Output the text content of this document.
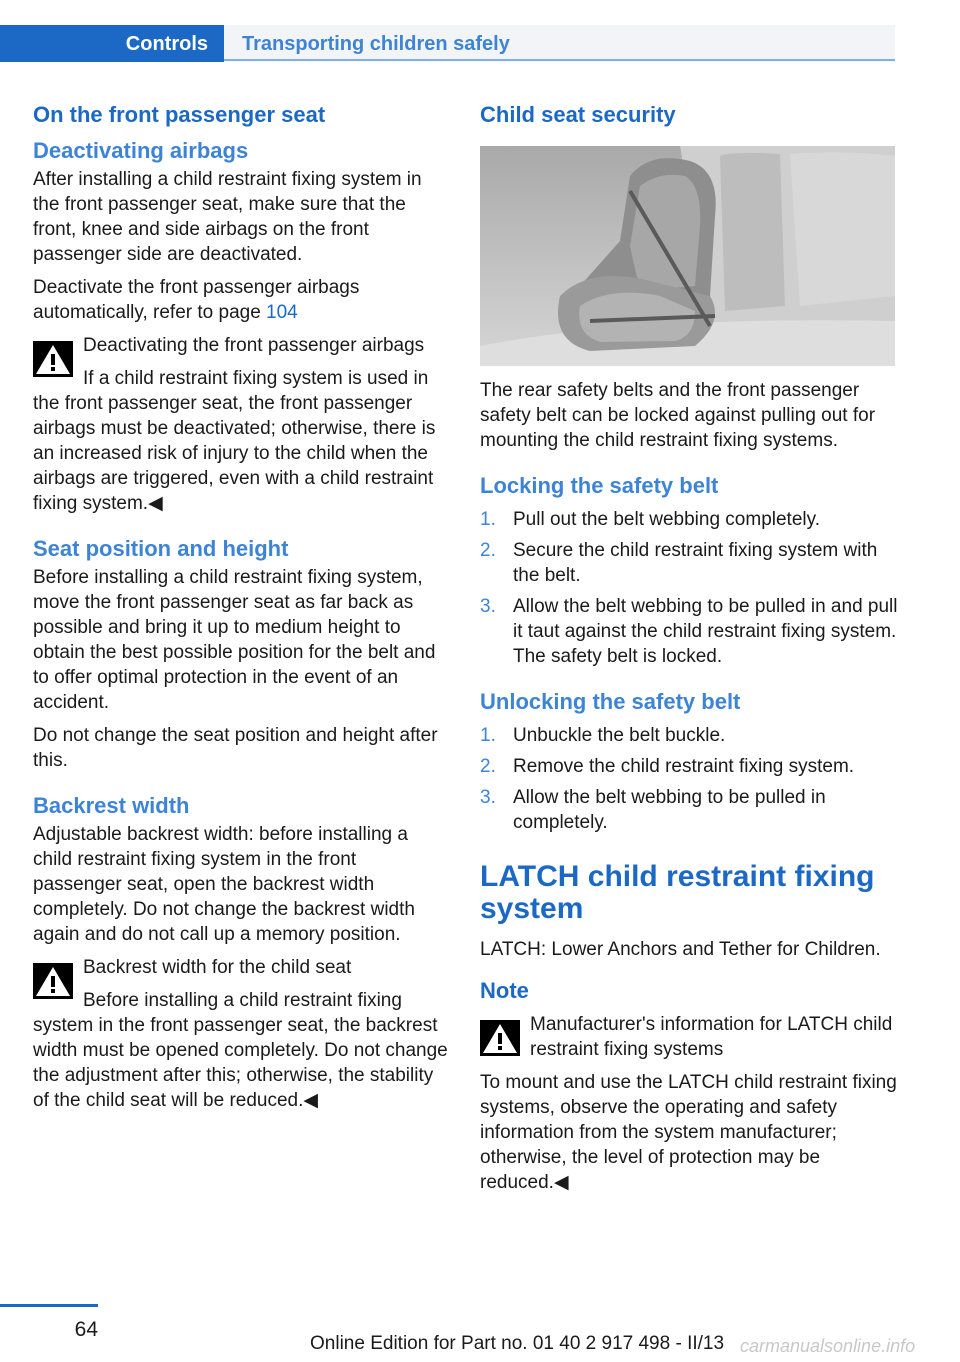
Controls	Transporting children safely
On the front passenger seat
Deactivating airbags
After installing a child restraint fixing system in the front passenger seat, make sure that the front, knee and side airbags on the front passenger side are deactivated.
Deactivate the front passenger airbags automatically, refer to page 104
Deactivating the front passenger airbags
If a child restraint fixing system is used in
the front passenger seat, the front passenger airbags must be deactivated; otherwise, there is an increased risk of injury to the child when the airbags are triggered, even with a child restraint fixing system.◀
Seat position and height
Before installing a child restraint fixing system, move the front passenger seat as far back as possible and bring it up to medium height to obtain the best possible position for the belt and to offer optimal protection in the event of an accident.
Do not change the seat position and height after this.
Backrest width
Adjustable backrest width: before installing a child restraint fixing system in the front passenger seat, open the backrest width completely. Do not change the backrest width again and do not call up a memory position.
Backrest width for the child seat
Before installing a child restraint fixing
system in the front passenger seat, the backrest width must be opened completely. Do not change the adjustment after this; otherwise, the stability of the child seat will be reduced.◀
Child seat security
The rear safety belts and the front passenger safety belt can be locked against pulling out for mounting the child restraint fixing systems.
Locking the safety belt
1. Pull out the belt webbing completely.
2. Secure the child restraint fixing system with the belt.
3. Allow the belt webbing to be pulled in and pull it taut against the child restraint fixing system. The safety belt is locked.
Unlocking the safety belt
1. Unbuckle the belt buckle.
2. Remove the child restraint fixing system.
3. Allow the belt webbing to be pulled in completely.
LATCH child restraint fixing system
LATCH: Lower Anchors and Tether for Children.
Note
Manufacturer's information for LATCH child restraint fixing systems
To mount and use the LATCH child restraint fixing systems, observe the operating and safety information from the system manufacturer; otherwise, the level of protection may be reduced.◀
64
Online Edition for Part no. 01 40 2 917 498 - II/13 carmanualsonline.info
